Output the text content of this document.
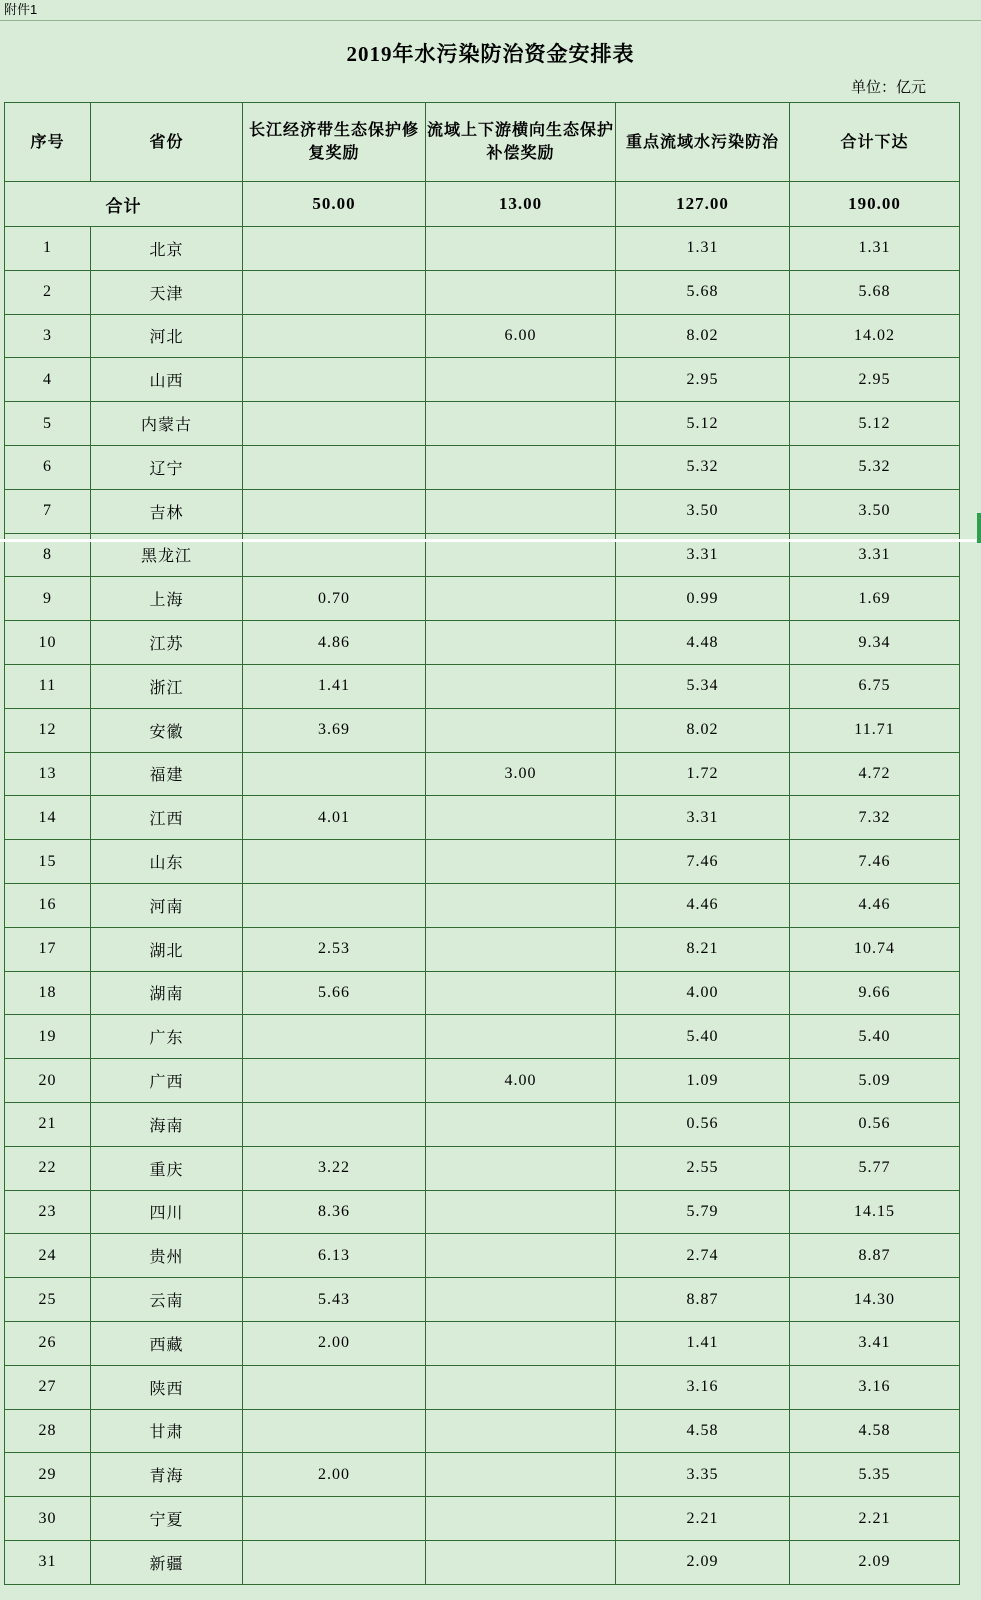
附件1
2019年水污染防治资金安排表
单位：亿元
序号	省份	长江经济带生态保护修复奖励	流域上下游横向生态保护补偿奖励	重点流域水污染防治	合计下达
合计		50.00	13.00	127.00	190.00
1	北京			1.31	1.31
2	天津			5.68	5.68
3	河北		6.00	8.02	14.02
4	山西			2.95	2.95
5	内蒙古			5.12	5.12
6	辽宁			5.32	5.32
7	吉林			3.50	3.50
8	黑龙江			3.31	3.31
9	上海	0.70		0.99	1.69
10	江苏	4.86		4.48	9.34
11	浙江	1.41		5.34	6.75
12	安徽	3.69		8.02	11.71
13	福建		3.00	1.72	4.72
14	江西	4.01		3.31	7.32
15	山东			7.46	7.46
16	河南			4.46	4.46
17	湖北	2.53		8.21	10.74
18	湖南	5.66		4.00	9.66
19	广东			5.40	5.40
20	广西		4.00	1.09	5.09
21	海南			0.56	0.56
22	重庆	3.22		2.55	5.77
23	四川	8.36		5.79	14.15
24	贵州	6.13		2.74	8.87
25	云南	5.43		8.87	14.30
26	西藏	2.00		1.41	3.41
27	陕西			3.16	3.16
28	甘肃			4.58	4.58
29	青海	2.00		3.35	5.35
30	宁夏			2.21	2.21
31	新疆			2.09	2.09
